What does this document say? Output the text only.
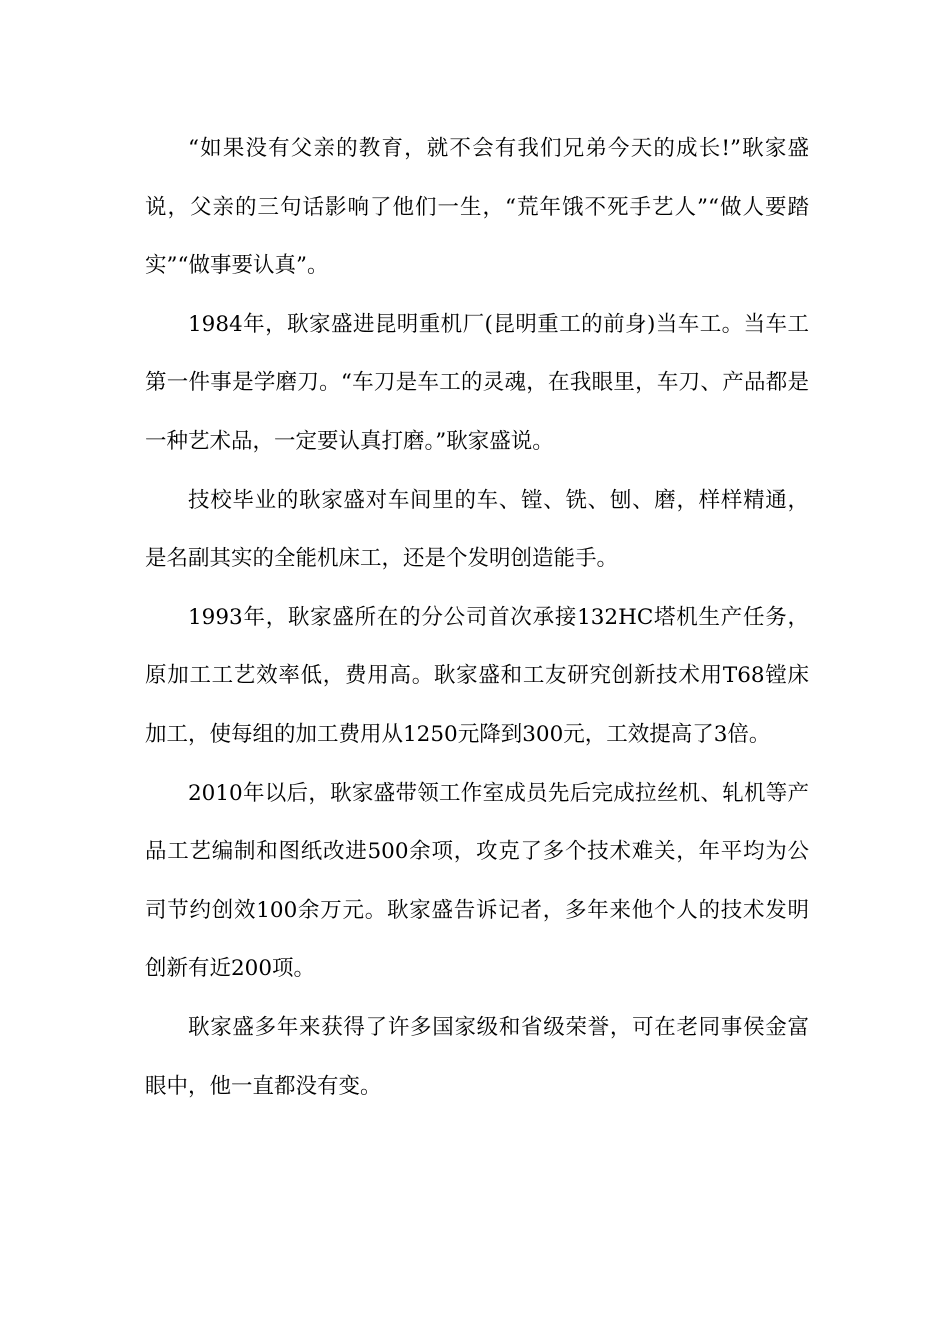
“如果没有父亲的教育，就不会有我们兄弟今天的成长!”耿家盛说，父亲的三句话影响了他们一生，“荒年饿不死手艺人”“做人要踏实”“做事要认真”。

1984年，耿家盛进昆明重机厂(昆明重工的前身)当车工。当车工第一件事是学磨刀。“车刀是车工的灵魂，在我眼里，车刀、产品都是一种艺术品，一定要认真打磨。”耿家盛说。

技校毕业的耿家盛对车间里的车、镗、铣、刨、磨，样样精通，是名副其实的全能机床工，还是个发明创造能手。

1993年，耿家盛所在的分公司首次承接132HC塔机生产任务，原加工工艺效率低，费用高。耿家盛和工友研究创新技术用T68镗床加工，使每组的加工费用从1250元降到300元，工效提高了3倍。

2010年以后，耿家盛带领工作室成员先后完成拉丝机、轧机等产品工艺编制和图纸改进500余项，攻克了多个技术难关，年平均为公司节约创效100余万元。耿家盛告诉记者，多年来他个人的技术发明创新有近200项。

耿家盛多年来获得了许多国家级和省级荣誉，可在老同事侯金富眼中，他一直都没有变。
